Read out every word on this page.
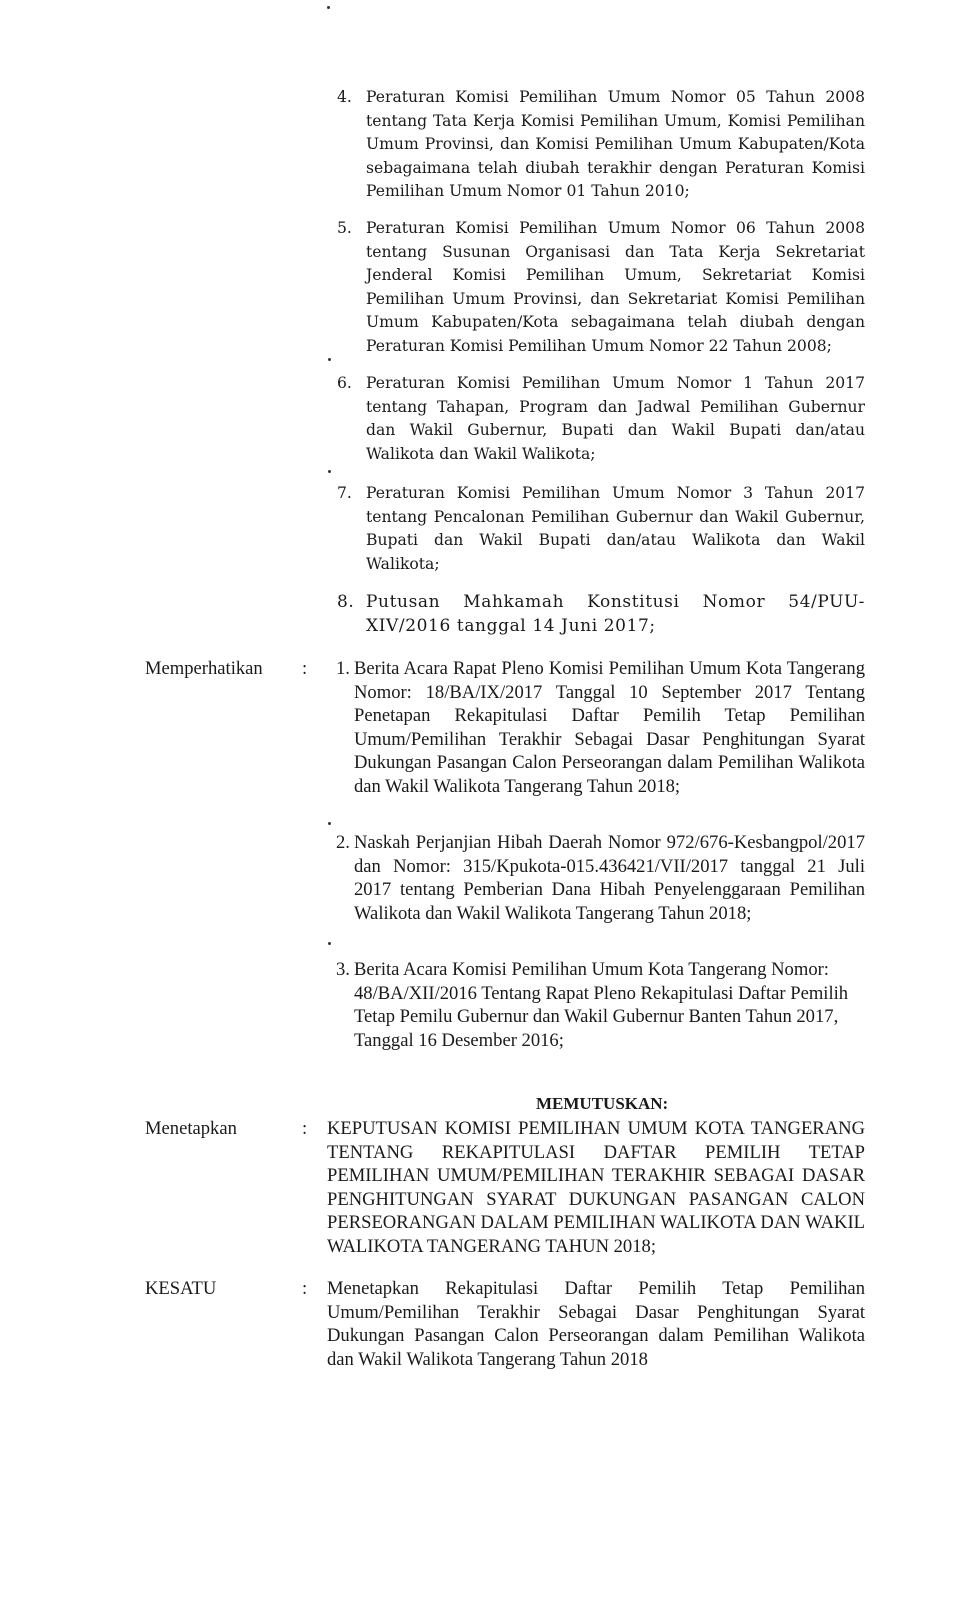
4. Peraturan Komisi Pemilihan Umum Nomor 05 Tahun 2008 tentang Tata Kerja Komisi Pemilihan Umum, Komisi Pemilihan Umum Provinsi, dan Komisi Pemilihan Umum Kabupaten/Kota sebagaimana telah diubah terakhir dengan Peraturan Komisi Pemilihan Umum Nomor 01 Tahun 2010;
5. Peraturan Komisi Pemilihan Umum Nomor 06 Tahun 2008 tentang Susunan Organisasi dan Tata Kerja Sekretariat Jenderal Komisi Pemilihan Umum, Sekretariat Komisi Pemilihan Umum Provinsi, dan Sekretariat Komisi Pemilihan Umum Kabupaten/Kota sebagaimana telah diubah dengan Peraturan Komisi Pemilihan Umum Nomor 22 Tahun 2008;
6. Peraturan Komisi Pemilihan Umum Nomor 1 Tahun 2017 tentang Tahapan, Program dan Jadwal Pemilihan Gubernur dan Wakil Gubernur, Bupati dan Wakil Bupati dan/atau Walikota dan Wakil Walikota;
7. Peraturan Komisi Pemilihan Umum Nomor 3 Tahun 2017 tentang Pencalonan Pemilihan Gubernur dan Wakil Gubernur, Bupati dan Wakil Bupati dan/atau Walikota dan Wakil Walikota;
8. Putusan Mahkamah Konstitusi Nomor 54/PUU-XIV/2016 tanggal 14 Juni 2017;
Memperhatikan : 1. Berita Acara Rapat Pleno Komisi Pemilihan Umum Kota Tangerang Nomor: 18/BA/IX/2017 Tanggal 10 September 2017 Tentang Penetapan Rekapitulasi Daftar Pemilih Tetap Pemilihan Umum/Pemilihan Terakhir Sebagai Dasar Penghitungan Syarat Dukungan Pasangan Calon Perseorangan dalam Pemilihan Walikota dan Wakil Walikota Tangerang Tahun 2018;
2. Naskah Perjanjian Hibah Daerah Nomor 972/676-Kesbangpol/2017 dan Nomor: 315/Kpukota-015.436421/VII/2017 tanggal 21 Juli 2017 tentang Pemberian Dana Hibah Penyelenggaraan Pemilihan Walikota dan Wakil Walikota Tangerang Tahun 2018;
3. Berita Acara Komisi Pemilihan Umum Kota Tangerang Nomor: 48/BA/XII/2016 Tentang Rapat Pleno Rekapitulasi Daftar Pemilih Tetap Pemilu Gubernur dan Wakil Gubernur Banten Tahun 2017, Tanggal 16 Desember 2016;
MEMUTUSKAN:
Menetapkan	:	KEPUTUSAN KOMISI PEMILIHAN UMUM KOTA TANGERANG TENTANG REKAPITULASI DAFTAR PEMILIH TETAP PEMILIHAN UMUM/PEMILIHAN TERAKHIR SEBAGAI DASAR PENGHITUNGAN SYARAT DUKUNGAN PASANGAN CALON PERSEORANGAN DALAM PEMILIHAN WALIKOTA DAN WAKIL WALIKOTA TANGERANG TAHUN 2018;
KESATU	:	Menetapkan Rekapitulasi Daftar Pemilih Tetap Pemilihan Umum/Pemilihan Terakhir Sebagai Dasar Penghitungan Syarat Dukungan Pasangan Calon Perseorangan dalam Pemilihan Walikota dan Wakil Walikota Tangerang Tahun 2018
